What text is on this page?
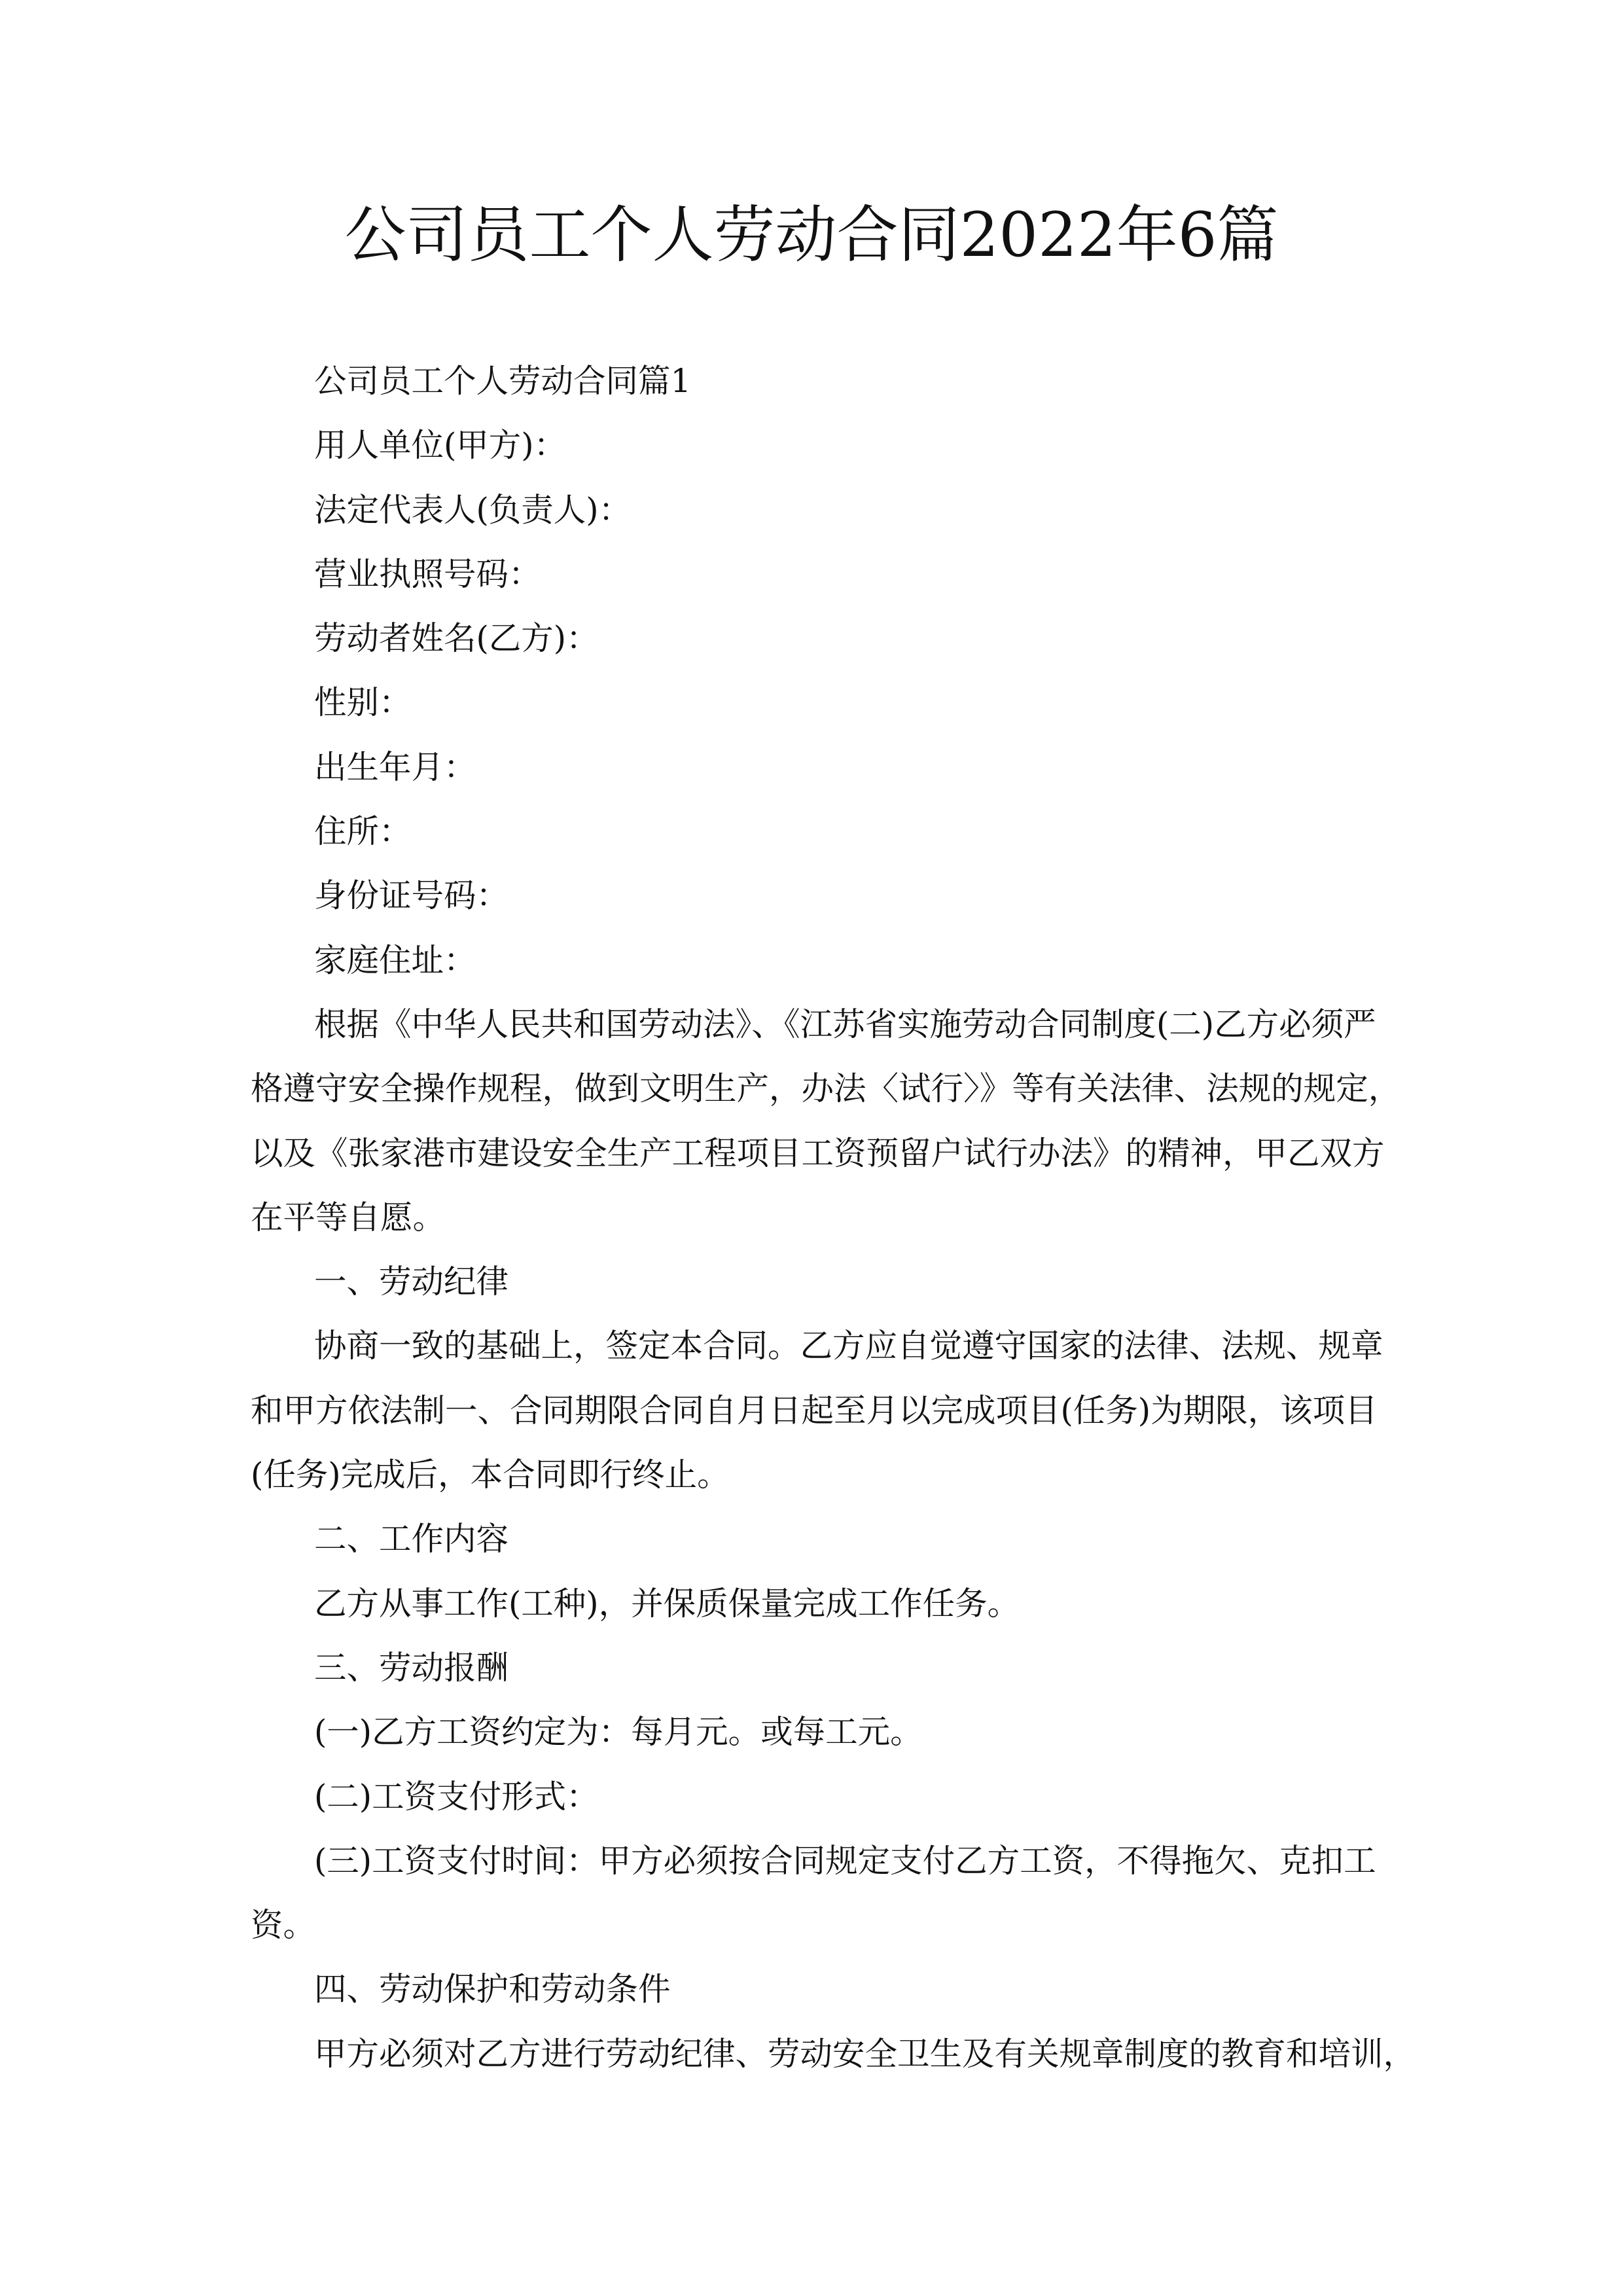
公司员工个人劳动合同2022年6篇
公司员工个人劳动合同篇1
用人单位(甲方)：
法定代表人(负责人)：
营业执照号码：
劳动者姓名(乙方)：
性别：
出生年月：
住所：
身份证号码：
家庭住址：
根据《中华人民共和国劳动法》、《江苏省实施劳动合同制度(二)乙方必须严
格遵守安全操作规程，做到文明生产，办法〈试行〉》等有关法律、法规的规定，
以及《张家港市建设安全生产工程项目工资预留户试行办法》的精神，甲乙双方
在平等自愿。
一、劳动纪律
协商一致的基础上，签定本合同。乙方应自觉遵守国家的法律、法规、规章
和甲方依法制一、合同期限合同自月日起至月以完成项目(任务)为期限，该项目
(任务)完成后，本合同即行终止。
二、工作内容
乙方从事工作(工种)，并保质保量完成工作任务。
三、劳动报酬
(一)乙方工资约定为：每月元。或每工元。
(二)工资支付形式：
(三)工资支付时间：甲方必须按合同规定支付乙方工资，不得拖欠、克扣工
资。
四、劳动保护和劳动条件
甲方必须对乙方进行劳动纪律、劳动安全卫生及有关规章制度的教育和培训，
